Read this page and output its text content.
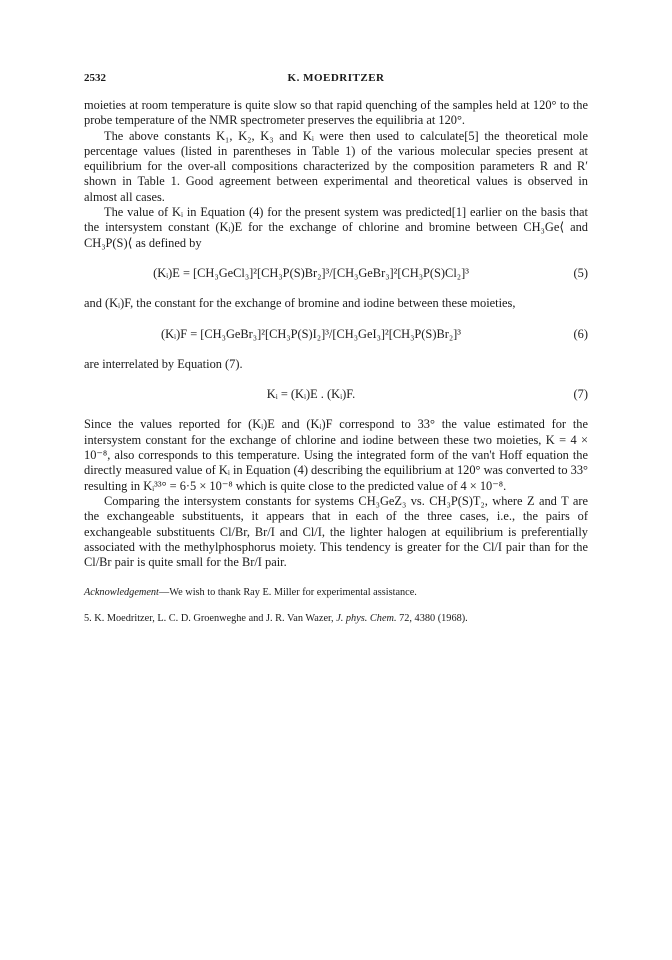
2532	K. MOEDRITZER

moieties at room temperature is quite slow so that rapid quenching of the samples held at 120° to the probe temperature of the NMR spectrometer preserves the equilibria at 120°.

The above constants K₁, K₂, K₃ and Kᵢ were then used to calculate[5] the theoretical mole percentage values (listed in parentheses in Table 1) of the various molecular species present at equilibrium for the over-all compositions characterized by the composition parameters R and R′ shown in Table 1. Good agreement between experimental and theoretical values is observed in almost all cases.

The value of Kᵢ in Equation (4) for the present system was predicted[1] earlier on the basis that the intersystem constant (Kᵢ)E for the exchange of chlorine and bromine between CH₃Ge⟨ and CH₃P(S)⟨ as defined by

(Kᵢ)E = [CH₃GeCl₃]²[CH₃P(S)Br₂]³/[CH₃GeBr₃]²[CH₃P(S)Cl₂]³	(5)

and (Kᵢ)F, the constant for the exchange of bromine and iodine between these moieties,

(Kᵢ)F = [CH₃GeBr₃]²[CH₃P(S)I₂]³/[CH₃GeI₃]²[CH₃P(S)Br₂]³	(6)

are interrelated by Equation (7).

Kᵢ = (Kᵢ)E . (Kᵢ)F.	(7)

Since the values reported for (Kᵢ)E and (Kᵢ)F correspond to 33° the value estimated for the intersystem constant for the exchange of chlorine and iodine between these two moieties, K = 4 × 10⁻⁸, also corresponds to this temperature. Using the integrated form of the van't Hoff equation the directly measured value of Kᵢ in Equation (4) describing the equilibrium at 120° was converted to 33° resulting in Kᵢ³³° = 6·5 × 10⁻⁸ which is quite close to the predicted value of 4 × 10⁻⁸.

Comparing the intersystem constants for systems CH₃GeZ₃ vs. CH₃P(S)T₂, where Z and T are the exchangeable substituents, it appears that in each of the three cases, i.e., the pairs of exchangeable substituents Cl/Br, Br/I and Cl/I, the lighter halogen at equilibrium is preferentially associated with the methylphosphorus moiety. This tendency is greater for the Cl/I pair than for the Cl/Br pair is quite small for the Br/I pair.

Acknowledgement—We wish to thank Ray E. Miller for experimental assistance.

5. K. Moedritzer, L. C. D. Groenweghe and J. R. Van Wazer, J. phys. Chem. 72, 4380 (1968).
